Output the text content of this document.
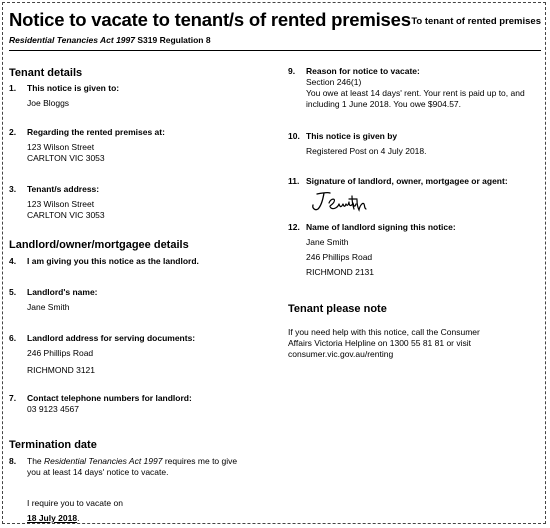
Notice to vacate to tenant/s of rented premises To tenant of rented premises
Residential Tenancies Act 1997 S319 Regulation 8
Tenant details
1. This notice is given to:
Joe Bloggs
2. Regarding the rented premises at:
123 Wilson Street
CARLTON VIC 3053
3. Tenant/s address:
123 Wilson Street
CARLTON VIC 3053
Landlord/owner/mortgagee details
4. I am giving you this notice as the landlord.
5. Landlord's name:
Jane Smith
6. Landlord address for serving documents:
246 Phillips Road
RICHMOND 3121
7. Contact telephone numbers for landlord:
03 9123 4567
Termination date
8. The Residential Tenancies Act 1997 requires me to give
you at least 14 days' notice to vacate.
I require you to vacate on
18 July 2018.
9. Reason for notice to vacate:
Section 246(1)
You owe at least 14 days' rent. Your rent is paid up to, and
including 1 June 2018. You owe $904.57.
10. This notice is given by
Registered Post on 4 July 2018.
11. Signature of landlord, owner, mortgagee or agent:
12. Name of landlord signing this notice:
Jane Smith
246 Phillips Road
RICHMOND 2131
Tenant please note
If you need help with this notice, call the Consumer
Affairs Victoria Helpline on 1300 55 81 81 or visit
consumer.vic.gov.au/renting
